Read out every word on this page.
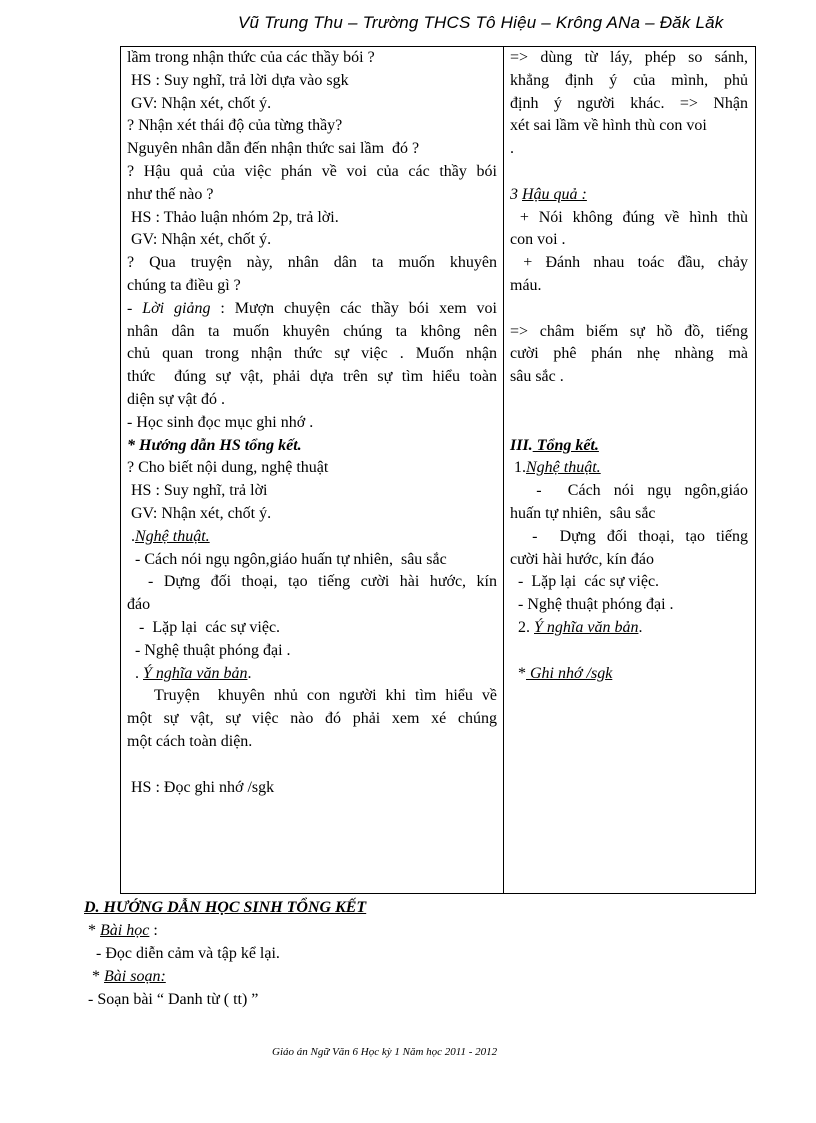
Vũ Trung Thu – Trường THCS Tô Hiệu – Krông ANa – Đăk Lăk
lầm trong nhận thức của các thầy bói ?
HS : Suy nghĩ, trả lời dựa vào sgk
GV: Nhận xét, chốt ý.
? Nhận xét thái độ của từng thầy?
Nguyên nhân dẫn đến nhận thức sai lầm  đó ?
? Hậu quả của việc phán về voi của các thầy bói
như thế nào ?
HS : Thảo luận nhóm 2p, trả lời.
GV: Nhận xét, chốt ý.
? Qua truyện này, nhân dân ta muốn khuyên
chúng ta điều gì ?
- Lời giảng : Mượn chuyện các thầy bói xem voi
nhân dân ta muốn khuyên chúng ta không nên
chủ quan trong nhận thức sự việc . Muốn nhận
thức  đúng sự vật, phải dựa trên sự tìm hiểu toàn
diện sự vật đó .
- Học sinh đọc mục ghi nhớ .
* Hướng dẫn HS tổng kết.
? Cho biết nội dung, nghệ thuật
HS : Suy nghĩ, trả lời
GV: Nhận xét, chốt ý.
.Nghệ thuật.
- Cách nói ngụ ngôn,giáo huấn tự nhiên,  sâu sắc
- Dựng đối thoại, tạo tiếng cười hài hước, kín
đáo
-  Lặp lại  các sự việc.
- Nghệ thuật phóng đại .
. Ý nghĩa văn bản.
Truyện  khuyên nhủ con người khi tìm hiểu về
một sự vật, sự việc nào đó phải xem xé chúng
một cách toàn diện.
HS : Đọc ghi nhớ /sgk
=> dùng từ láy, phép so sánh,
khẳng định ý của mình, phủ
định ý người khác. => Nhận
xét sai lầm về hình thù con voi
.
3 Hậu quả :
+ Nói không đúng về hình thù
con voi .
+ Đánh nhau toác đầu, chảy
máu.
=> châm biếm sự hồ đồ, tiếng
cười phê phán nhẹ nhàng mà
sâu sắc .
III. Tổng kết.
1.Nghệ thuật.
-  Cách nói ngụ ngôn,giáo
huấn tự nhiên,  sâu sắc
-  Dựng đối thoại, tạo tiếng
cười hài hước, kín đáo
-  Lặp lại  các sự việc.
- Nghệ thuật phóng đại .
2. Ý nghĩa văn bản.
* Ghi nhớ /sgk
D. HƯỚNG DẪN HỌC SINH TỔNG KẾT
* Bài học :
- Đọc diễn cảm và tập kể lại.
* Bài soạn:
- Soạn bài “ Danh từ ( tt) ”
Giáo án Ngữ Văn 6 Học kỳ 1 Năm học 2011 - 2012
